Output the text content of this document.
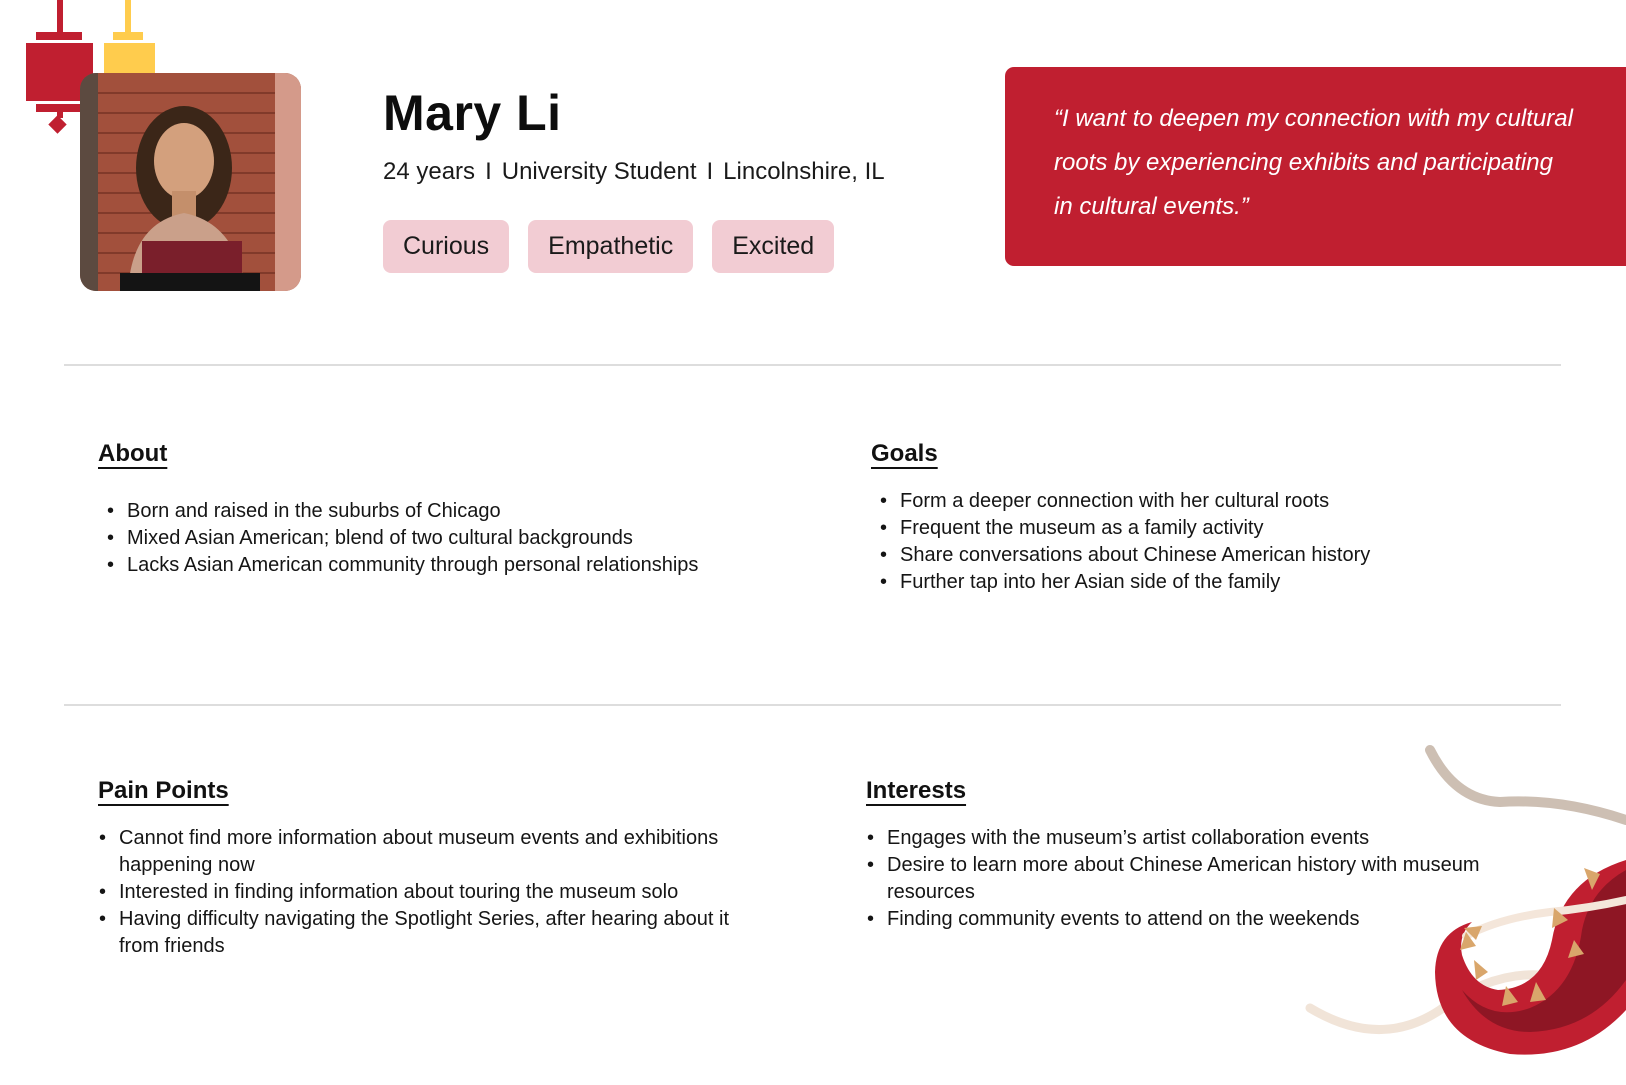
Mary Li
24 years I University Student I Lincolnshire, IL
Curious	Empathetic	Excited

“I want to deepen my connection with my cultural roots by experiencing exhibits and participating in cultural events.”

About
• Born and raised in the suburbs of Chicago
• Mixed Asian American; blend of two cultural backgrounds
• Lacks Asian American community through personal relationships
Goals
• Form a deeper connection with her cultural roots
• Frequent the museum as a family activity
• Share conversations about Chinese American history
• Further tap into her Asian side of the family
Pain Points
• Cannot find more information about museum events and exhibitions happening now
• Interested in finding information about touring the museum solo
• Having difficulty navigating the Spotlight Series, after hearing about it from friends
Interests
• Engages with the museum’s artist collaboration events
• Desire to learn more about Chinese American history with museum resources
• Finding community events to attend on the weekends
